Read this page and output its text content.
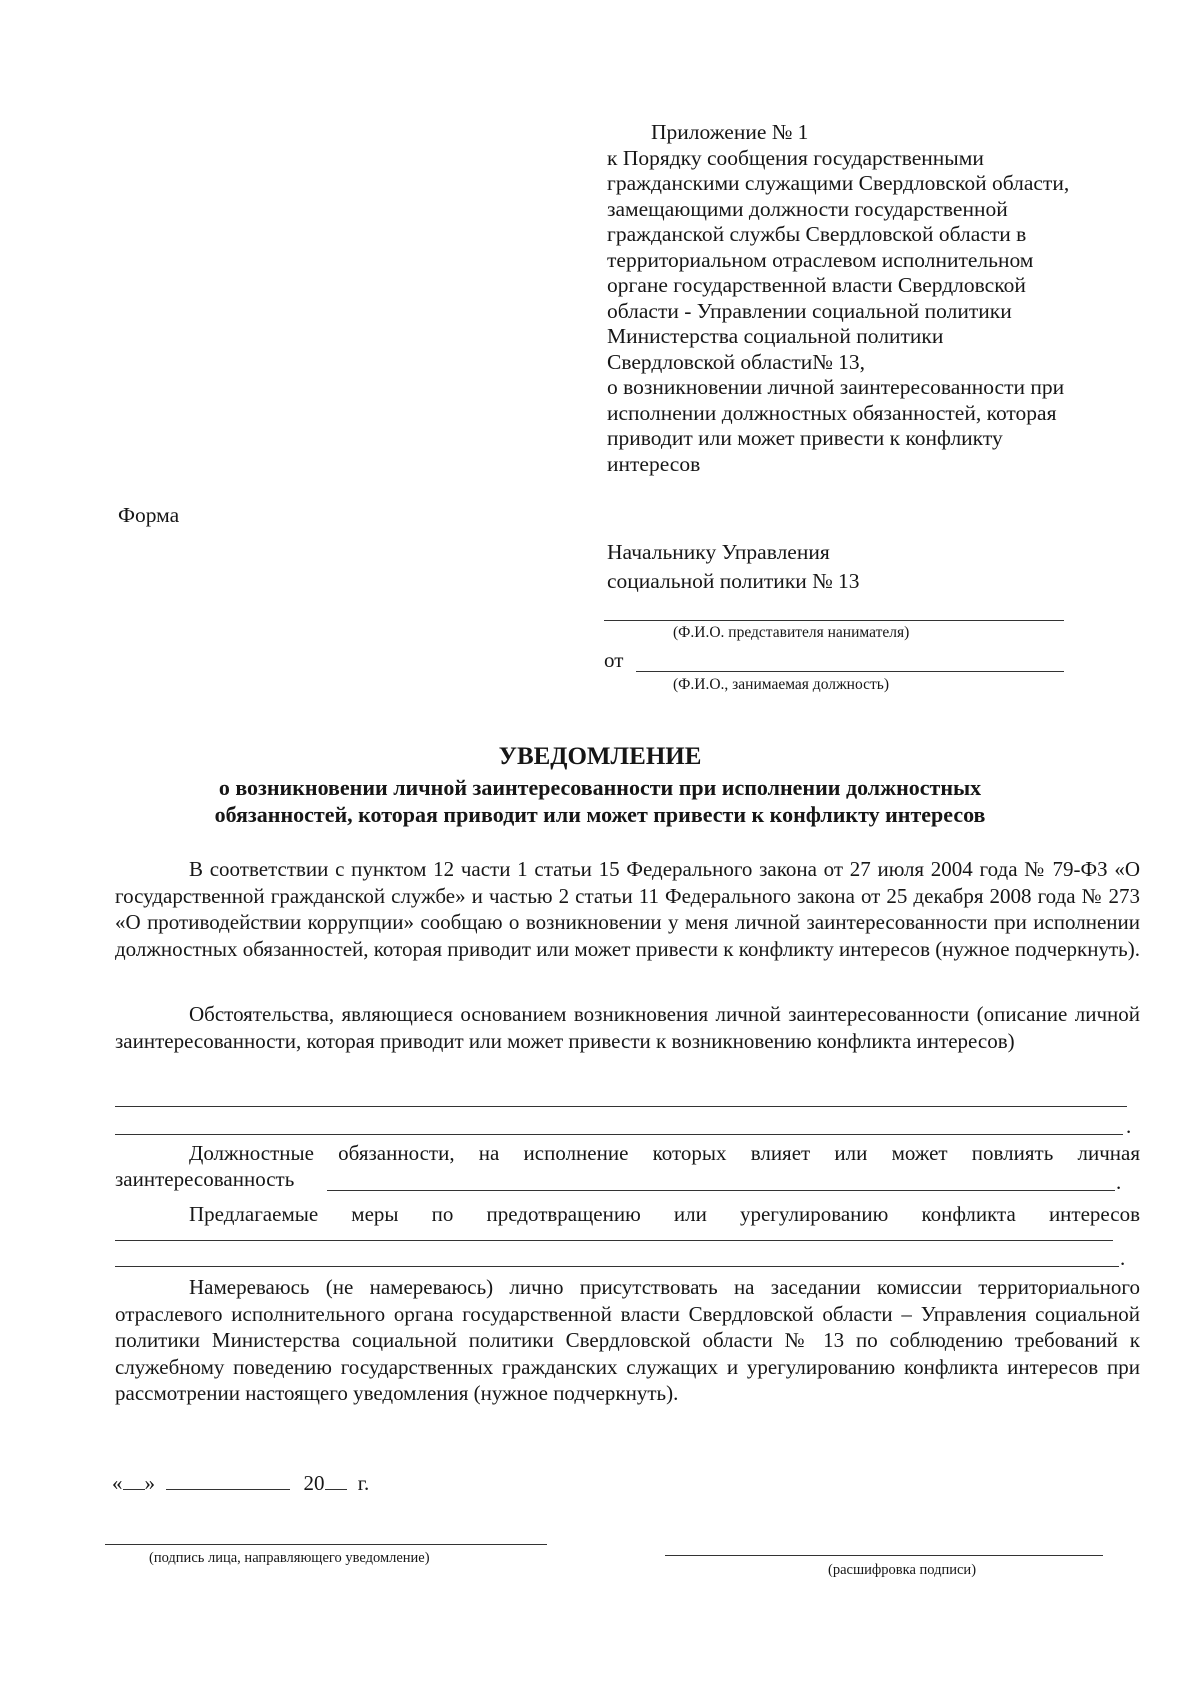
Приложение № 1
к Порядку сообщения государственными
гражданскими служащими Свердловской области,
замещающими должности государственной
гражданской службы Свердловской области в
территориальном отраслевом исполнительном
органе государственной власти Свердловской
области - Управлении социальной политики
Министерства социальной политики
Свердловской области№ 13,
о возникновении личной заинтересованности при
исполнении должностных обязанностей, которая
приводит или может привести к конфликту
интересов
Форма
Начальнику Управления
социальной политики № 13
(Ф.И.О. представителя нанимателя)
от
(Ф.И.О., занимаемая должность)
УВЕДОМЛЕНИЕ
о возникновении личной заинтересованности при исполнении должностных
обязанностей, которая приводит или может привести к конфликту интересов

В соответствии с пунктом 12 части 1 статьи 15 Федерального закона от 27 июля 2004 года № 79-ФЗ «О государственной гражданской службе» и частью 2 статьи 11 Федерального закона от 25 декабря 2008 года № 273 «О противодействии коррупции» сообщаю о возникновении у меня личной заинтересованности при исполнении должностных обязанностей, которая приводит или может привести к конфликту интересов (нужное подчеркнуть).

Обстоятельства, являющиеся основанием возникновения личной заинтересованности (описание личной заинтересованности, которая приводит или может привести к возникновению конфликта интересов)

.

Должностные обязанности, на исполнение которых влияет или может повлиять личная

заинтересованность	.

Предлагаемые меры по предотвращению или урегулированию конфликта интересов

.

Намереваюсь (не намереваюсь) лично присутствовать на заседании комиссии территориального отраслевого исполнительного органа государственной власти Свердловской области – Управления социальной политики Министерства социальной политики Свердловской области № 13 по соблюдению требований к служебному поведению государственных гражданских служащих и урегулированию конфликта интересов при рассмотрении настоящего уведомления (нужное подчеркнуть).

« »	20 г.
(подпись лица, направляющего уведомление)
(расшифровка подписи)
